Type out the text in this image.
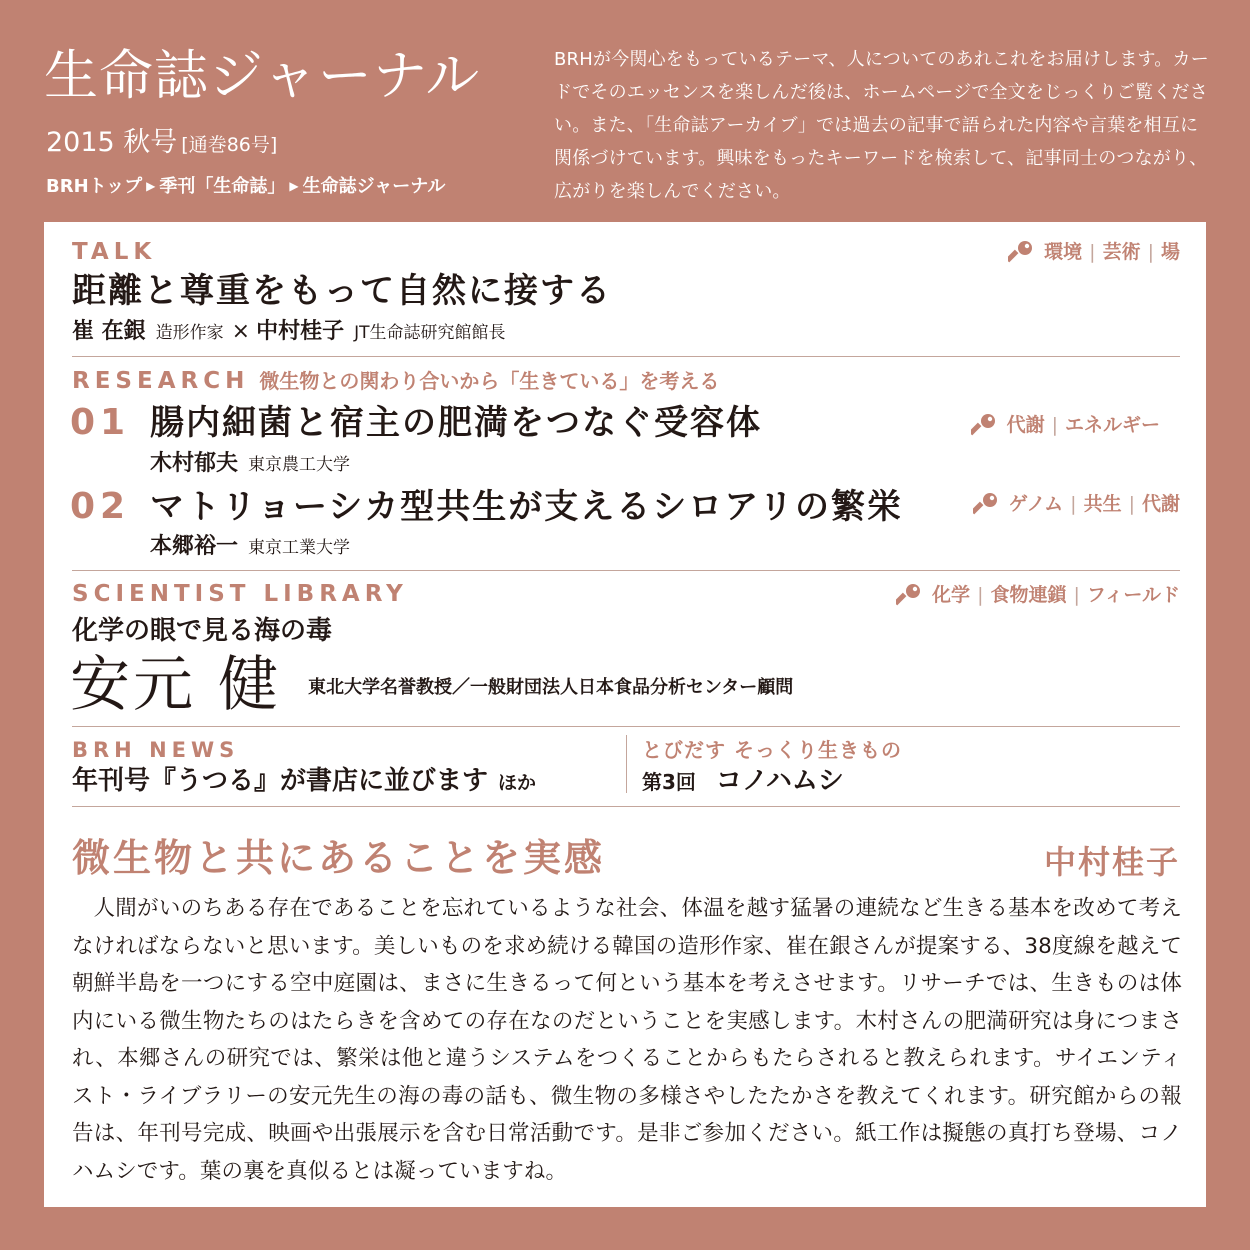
生命誌ジャーナル
2015 秋号 [通巻86号]
BRHトップ ▶ 季刊「生命誌」 ▶ 生命誌ジャーナル
BRHが今関心をもっているテーマ、人についてのあれこれをお届けします。カードでそのエッセンスを楽しんだ後は、ホームページで全文をじっくりご覧ください。また、「生命誌アーカイブ」では過去の記事で語られた内容や言葉を相互に関係づけています。興味をもったキーワードを検索して、記事同士のつながり、広がりを楽しんでください。
TALK	環境 | 芸術 | 場
距離と尊重をもって自然に接する
崔 在銀 造形作家 × 中村桂子 JT生命誌研究館館長
RESEARCH 微生物との関わり合いから「生きている」を考える
01 腸内細菌と宿主の肥満をつなぐ受容体	代謝 | エネルギー
木村郁夫 東京農工大学
02 マトリョーシカ型共生が支えるシロアリの繁栄	ゲノム | 共生 | 代謝
本郷裕一 東京工業大学
SCIENTIST LIBRARY	化学 | 食物連鎖 | フィールド
化学の眼で見る海の毒
安元 健 東北大学名誉教授／一般財団法人日本食品分析センター顧問
BRH NEWS
年刊号『うつる』が書店に並びます ほか
とびだす そっくり生きもの
第3回 コノハムシ
微生物と共にあることを実感	中村桂子
人間がいのちある存在であることを忘れているような社会、体温を越す猛暑の連続など生きる基本を改めて考えなければならないと思います。美しいものを求め続ける韓国の造形作家、崔在銀さんが提案する、38度線を越えて朝鮮半島を一つにする空中庭園は、まさに生きるって何という基本を考えさせます。リサーチでは、生きものは体内にいる微生物たちのはたらきを含めての存在なのだということを実感します。木村さんの肥満研究は身につまされ、本郷さんの研究では、繁栄は他と違うシステムをつくることからもたらされると教えられます。サイエンティスト・ライブラリーの安元先生の海の毒の話も、微生物の多様さやしたたかさを教えてくれます。研究館からの報告は、年刊号完成、映画や出張展示を含む日常活動です。是非ご参加ください。紙工作は擬態の真打ち登場、コノハムシです。葉の裏を真似るとは凝っていますね。
